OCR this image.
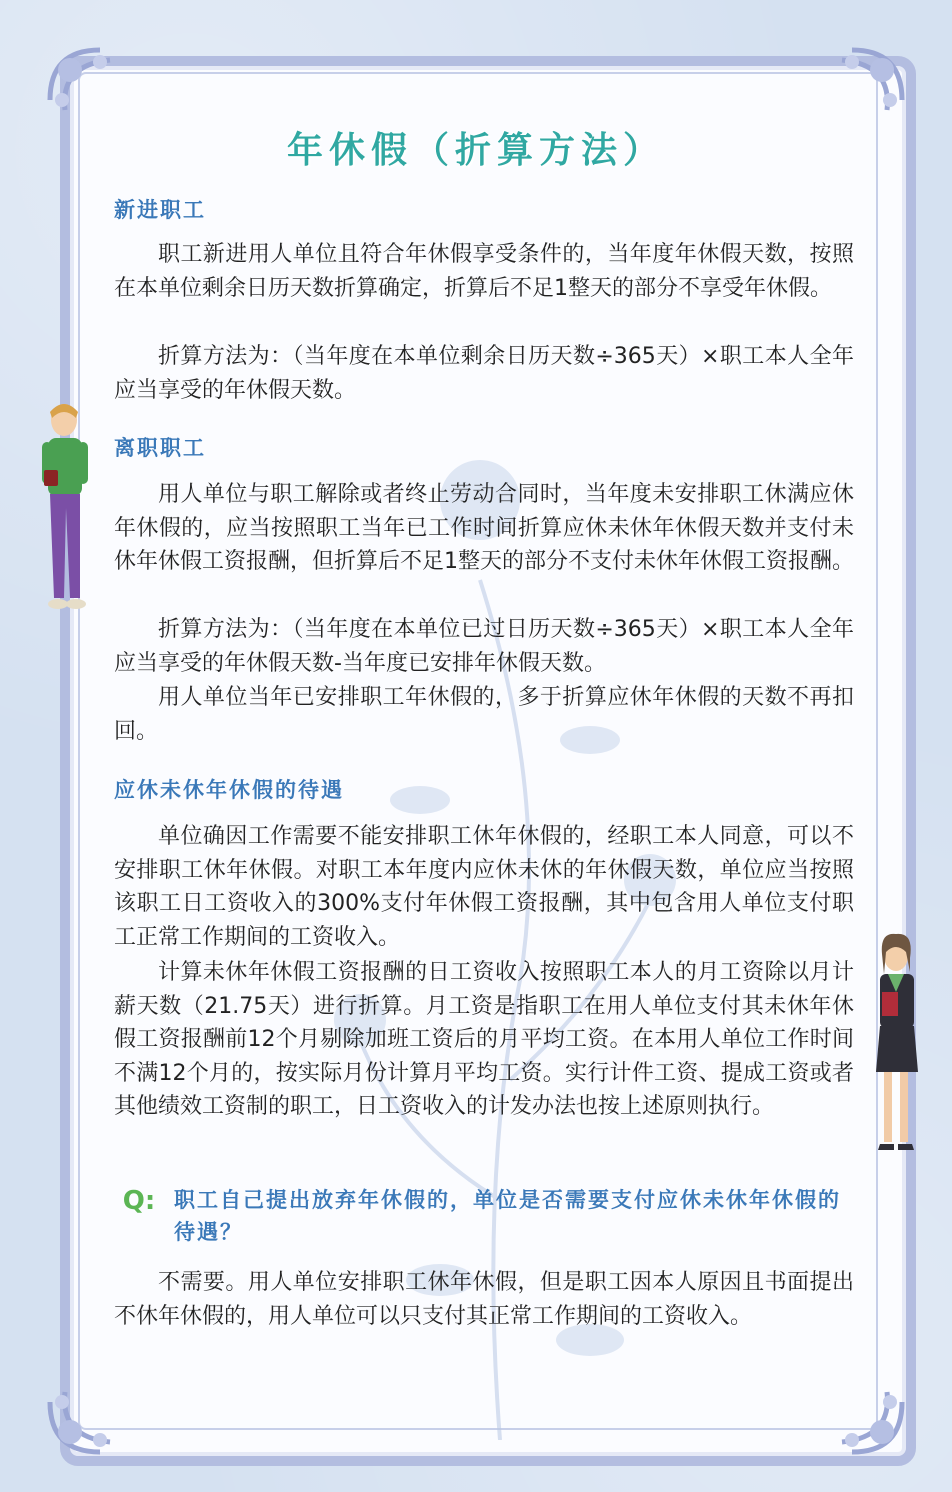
年休假（折算方法）
新进职工
职工新进用人单位且符合年休假享受条件的，当年度年休假天数，按照在本单位剩余日历天数折算确定，折算后不足1整天的部分不享受年休假。
折算方法为：（当年度在本单位剩余日历天数÷365天）×职工本人全年应当享受的年休假天数。
离职职工
用人单位与职工解除或者终止劳动合同时，当年度未安排职工休满应休年休假的，应当按照职工当年已工作时间折算应休未休年休假天数并支付未休年休假工资报酬，但折算后不足1整天的部分不支付未休年休假工资报酬。
折算方法为：（当年度在本单位已过日历天数÷365天）×职工本人全年应当享受的年休假天数-当年度已安排年休假天数。
用人单位当年已安排职工年休假的，多于折算应休年休假的天数不再扣回。
应休未休年休假的待遇
单位确因工作需要不能安排职工休年休假的，经职工本人同意，可以不安排职工休年休假。对职工本年度内应休未休的年休假天数，单位应当按照该职工日工资收入的300%支付年休假工资报酬，其中包含用人单位支付职工正常工作期间的工资收入。
计算未休年休假工资报酬的日工资收入按照职工本人的月工资除以月计薪天数（21.75天）进行折算。月工资是指职工在用人单位支付其未休年休假工资报酬前12个月剔除加班工资后的月平均工资。在本用人单位工作时间不满12个月的，按实际月份计算月平均工资。实行计件工资、提成工资或者其他绩效工资制的职工，日工资收入的计发办法也按上述原则执行。
Q: 职工自己提出放弃年休假的，单位是否需要支付应休未休年休假的待遇？
不需要。用人单位安排职工休年休假，但是职工因本人原因且书面提出不休年休假的，用人单位可以只支付其正常工作期间的工资收入。
